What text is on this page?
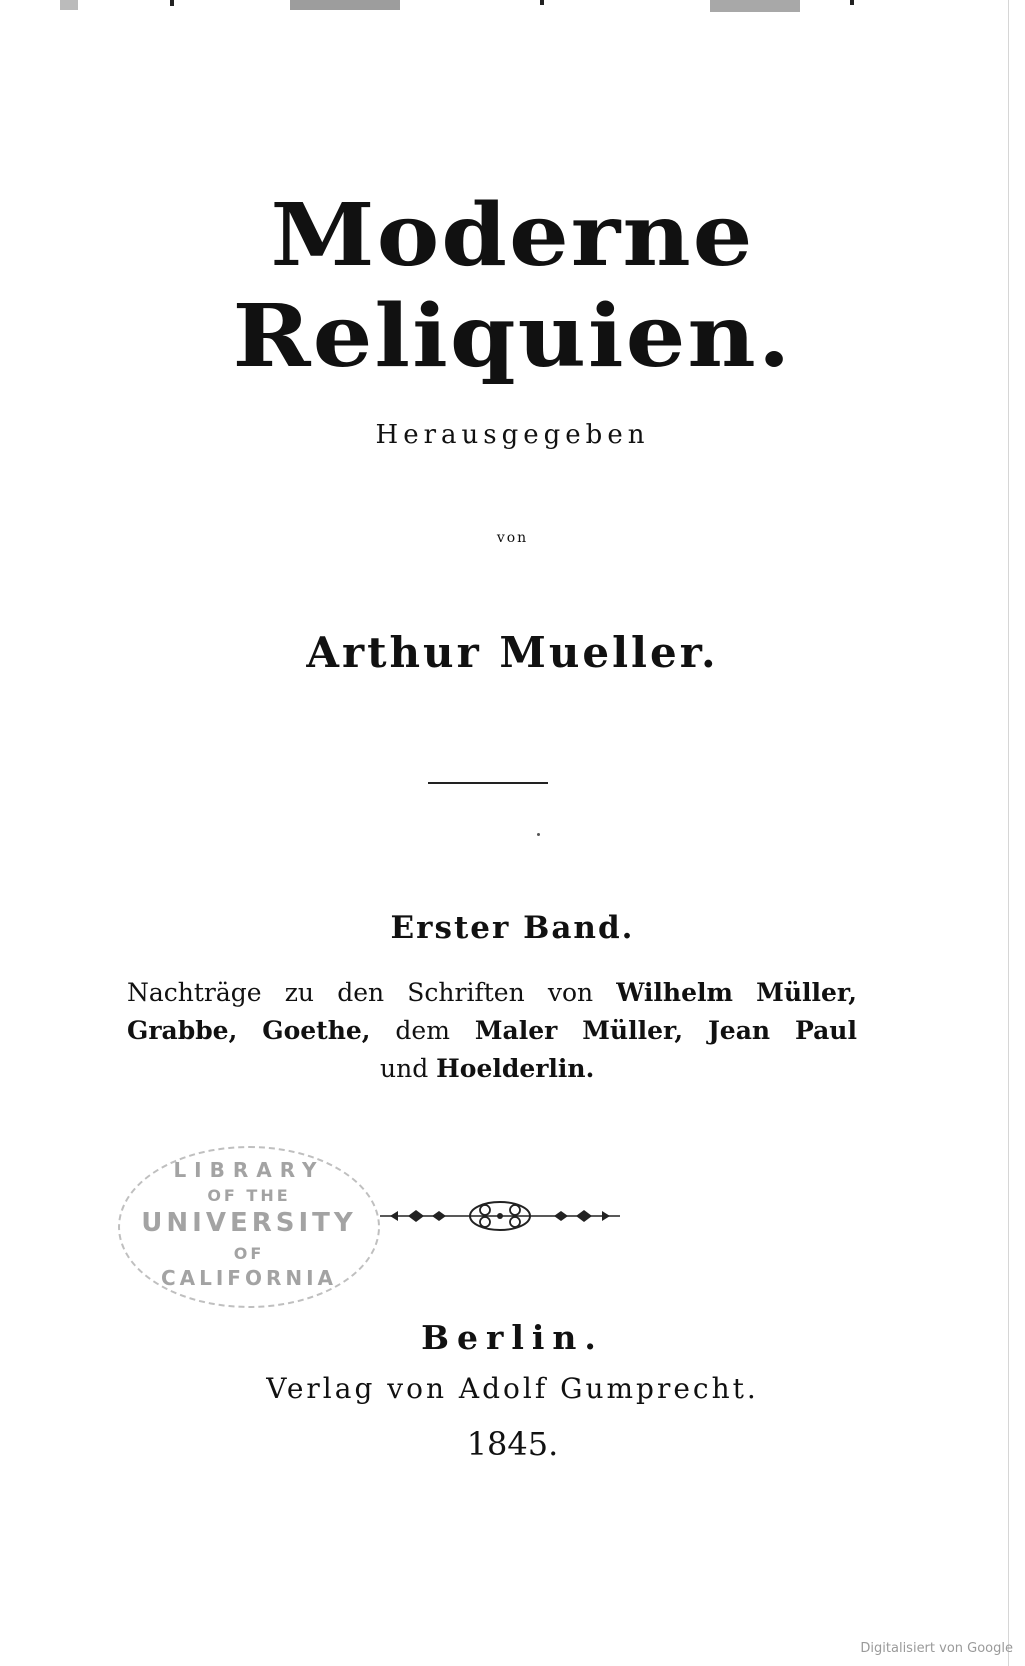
Moderne Reliquien.
Herausgegeben
von
Arthur Mueller.
Erster Band.
Nachträge zu den Schriften von Wilhelm Müller,
Grabbe, Goethe, dem Maler Müller, Jean Paul
und Hoelderlin.
LIBRARY
OF THE
UNIVERSITY
OF
CALIFORNIA
Berlin.
Verlag von Adolf Gumprecht.
1845.
Digitalisiert von Google
